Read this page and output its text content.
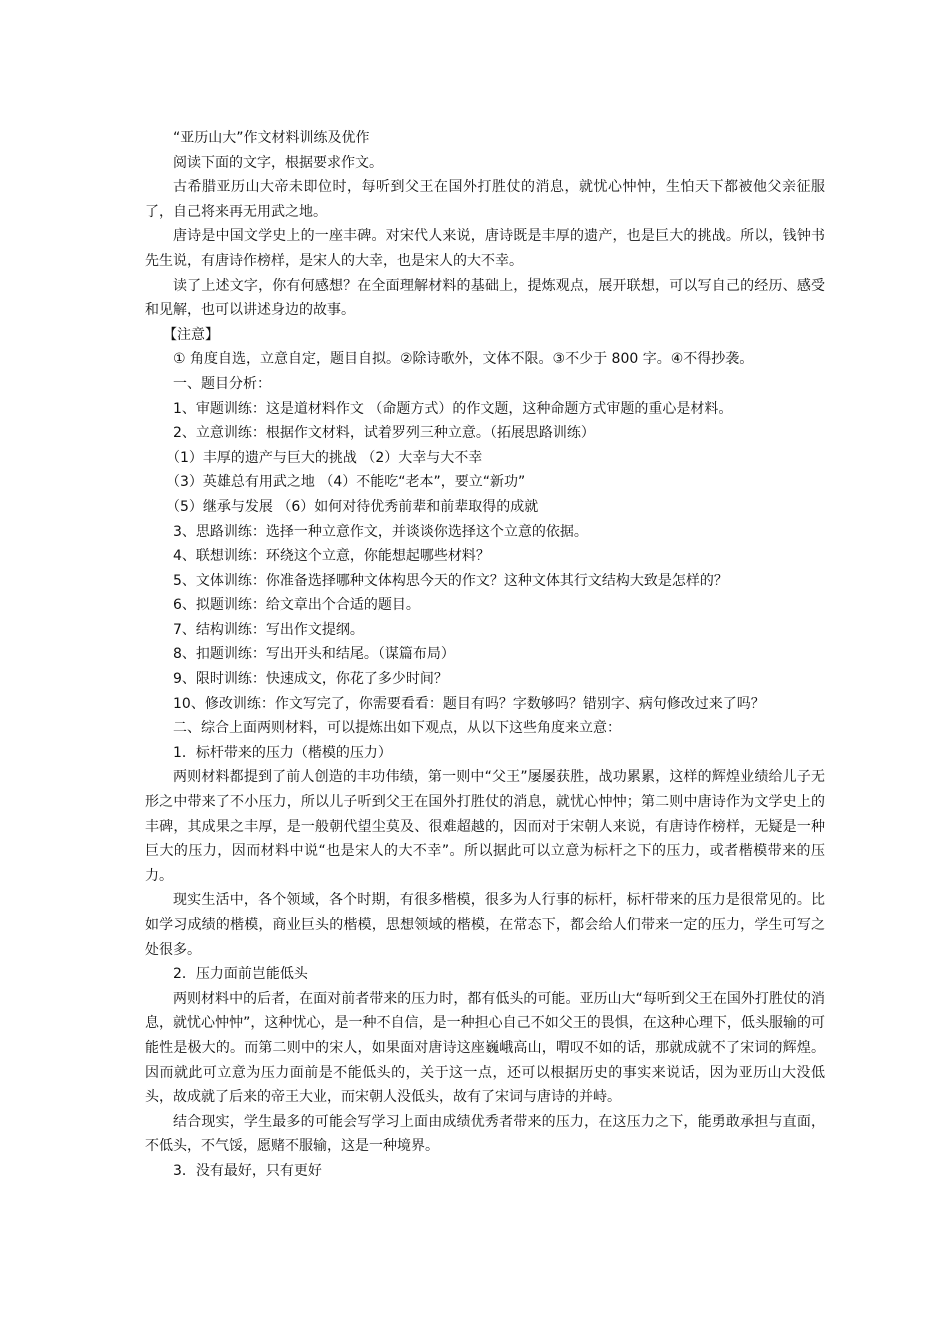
“亚历山大”作文材料训练及优作

阅读下面的文字，根据要求作文。

古希腊亚历山大帝未即位时，每听到父王在国外打胜仗的消息，就忧心忡忡，生怕天下都被他父亲征服了，自己将来再无用武之地。

唐诗是中国文学史上的一座丰碑。对宋代人来说，唐诗既是丰厚的遗产，也是巨大的挑战。所以，钱钟书先生说，有唐诗作榜样，是宋人的大幸，也是宋人的大不幸。

读了上述文字，你有何感想？在全面理解材料的基础上，提炼观点，展开联想，可以写自己的经历、感受和见解，也可以讲述身边的故事。

【注意】

① 角度自选，立意自定，题目自拟。②除诗歌外，文体不限。③不少于 800 字。④不得抄袭。

一、题目分析：

1、审题训练：这是道材料作文 （命题方式）的作文题，这种命题方式审题的重心是材料。

2、立意训练：根据作文材料，试着罗列三种立意。（拓展思路训练）

（1）丰厚的遗产与巨大的挑战 （2）大幸与大不幸

（3）英雄总有用武之地 （4）不能吃“老本”，要立“新功”

（5）继承与发展 （6）如何对待优秀前辈和前辈取得的成就

3、思路训练：选择一种立意作文，并谈谈你选择这个立意的依据。

4、联想训练：环绕这个立意，你能想起哪些材料？

5、文体训练：你准备选择哪种文体构思今天的作文？这种文体其行文结构大致是怎样的？

6、拟题训练：给文章出个合适的题目。

7、结构训练：写出作文提纲。

8、扣题训练：写出开头和结尾。（谋篇布局）

9、限时训练：快速成文，你花了多少时间？

10、修改训练：作文写完了，你需要看看：题目有吗？字数够吗？错别字、病句修改过来了吗？

二、综合上面两则材料，可以提炼出如下观点，从以下这些角度来立意：

1．标杆带来的压力（楷模的压力）

两则材料都提到了前人创造的丰功伟绩，第一则中“父王”屡屡获胜，战功累累，这样的辉煌业绩给儿子无形之中带来了不小压力，所以儿子听到父王在国外打胜仗的消息，就忧心忡忡；第二则中唐诗作为文学史上的丰碑，其成果之丰厚，是一般朝代望尘莫及、很难超越的，因而对于宋朝人来说，有唐诗作榜样，无疑是一种巨大的压力，因而材料中说“也是宋人的大不幸”。所以据此可以立意为标杆之下的压力，或者楷模带来的压力。

现实生活中，各个领域，各个时期，有很多楷模，很多为人行事的标杆，标杆带来的压力是很常见的。比如学习成绩的楷模，商业巨头的楷模，思想领域的楷模，在常态下，都会给人们带来一定的压力，学生可写之处很多。

2．压力面前岂能低头

两则材料中的后者，在面对前者带来的压力时，都有低头的可能。亚历山大“每听到父王在国外打胜仗的消息，就忧心忡忡”，这种忧心，是一种不自信，是一种担心自己不如父王的畏惧，在这种心理下，低头服输的可能性是极大的。而第二则中的宋人，如果面对唐诗这座巍峨高山，喟叹不如的话，那就成就不了宋词的辉煌。因而就此可立意为压力面前是不能低头的，关于这一点，还可以根据历史的事实来说话，因为亚历山大没低头，故成就了后来的帝王大业，而宋朝人没低头，故有了宋词与唐诗的并峙。

结合现实，学生最多的可能会写学习上面由成绩优秀者带来的压力，在这压力之下，能勇敢承担与直面，不低头，不气馁，愿赌不服输，这是一种境界。

3．没有最好，只有更好
